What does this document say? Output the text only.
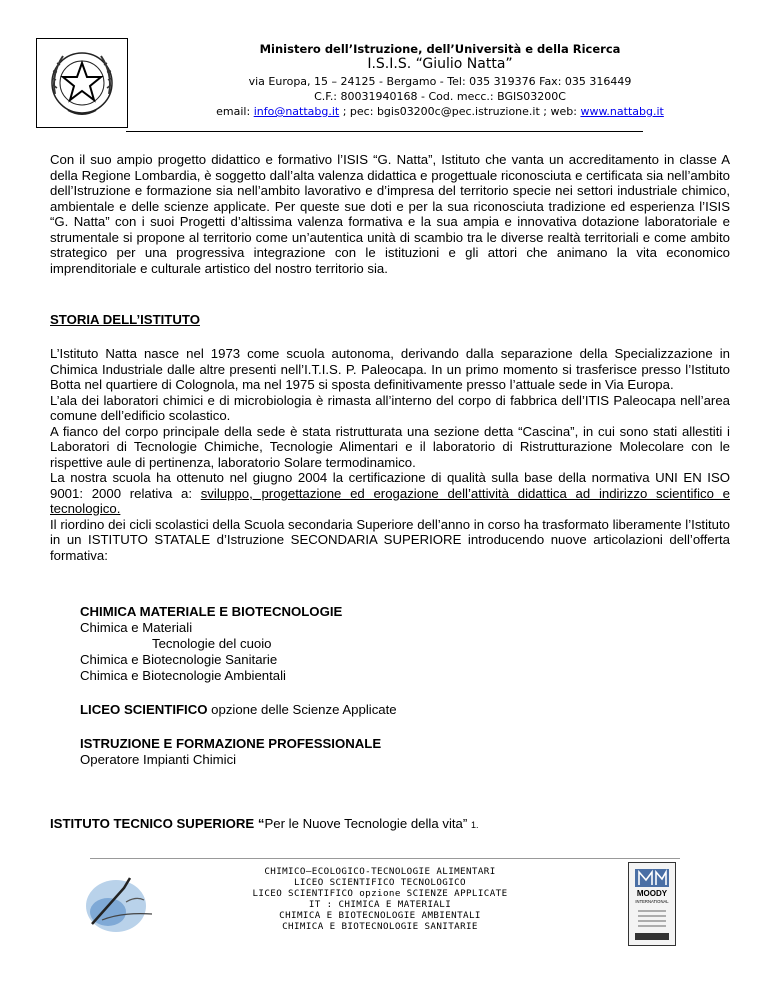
Ministero dell’Istruzione, dell’Università e della Ricerca
I.S.I.S. “Giulio Natta”
via Europa, 15 – 24125 - Bergamo - Tel: 035 319376 Fax: 035 316449
C.F.: 80031940168 - Cod. mecc.: BGIS03200C
email: info@nattabg.it ; pec: bgis03200c@pec.istruzione.it ; web: www.nattabg.it

Con il suo ampio progetto didattico e formativo l’ISIS “G. Natta”, Istituto che vanta un accreditamento in classe A della Regione Lombardia, è soggetto dall’alta valenza didattica e progettuale riconosciuta e certificata sia nell’ambito dell’Istruzione e formazione sia nell’ambito lavorativo e d’impresa del territorio specie nei settori industriale chimico, ambientale e delle scienze applicate. Per queste sue doti e per la sua riconosciuta tradizione ed esperienza l’ISIS “G. Natta” con i suoi Progetti d’altissima valenza formativa e la sua ampia e innovativa dotazione laboratoriale e strumentale si propone al territorio come un’autentica unità di scambio tra le diverse realtà territoriali e come ambito strategico per una progressiva integrazione con le istituzioni e gli attori che animano la vita economico imprenditoriale e culturale artistico del nostro territorio sia.

STORIA DELL’ISTITUTO

L’Istituto Natta nasce nel 1973 come scuola autonoma, derivando dalla separazione della Specializzazione in Chimica Industriale dalle altre presenti nell’I.T.I.S. P. Paleocapa. In un primo momento si trasferisce presso l’Istituto Botta nel quartiere di Colognola, ma nel 1975 si sposta definitivamente presso l’attuale sede in Via Europa.

L’ala dei laboratori chimici e di microbiologia è rimasta all’interno del corpo di fabbrica dell’ITIS Paleocapa nell’area comune dell’edificio scolastico.

A fianco del corpo principale della sede è stata ristrutturata una sezione detta “Cascina”, in cui sono stati allestiti i Laboratori di Tecnologie Chimiche, Tecnologie Alimentari e il laboratorio di Ristrutturazione Molecolare con le rispettive aule di pertinenza, laboratorio Solare termodinamico.

La nostra scuola ha ottenuto nel giugno 2004 la certificazione di qualità sulla base della normativa UNI EN ISO 9001: 2000 relativa a: sviluppo, progettazione ed erogazione dell’attività didattica ad indirizzo scientifico e tecnologico.

Il riordino dei cicli scolastici della Scuola secondaria Superiore dell’anno in corso ha trasformato liberamente l’Istituto in un ISTITUTO STATALE d’Istruzione SECONDARIA SUPERIORE introducendo nuove articolazioni dell’offerta formativa:

CHIMICA MATERIALE E BIOTECNOLOGIE
Chimica e Materiali
Tecnologie del cuoio
Chimica e Biotecnologie Sanitarie
Chimica e Biotecnologie Ambientali
LICEO SCIENTIFICO opzione delle Scienze Applicate
ISTRUZIONE E FORMAZIONE PROFESSIONALE
Operatore Impianti Chimici
ISTITUTO TECNICO SUPERIORE “Per le Nuove Tecnologie della vita” 1.
CHIMICO–ECOLOGICO-TECNOLOGIE ALIMENTARI
LICEO SCIENTIFICO TECNOLOGICO
LICEO SCIENTIFICO opzione SCIENZE APPLICATE
IT : CHIMICA E MATERIALI
CHIMICA E BIOTECNOLOGIE AMBIENTALI
CHIMICA E BIOTECNOLOGIE SANITARIE
MOODY
INTERNATIONAL
